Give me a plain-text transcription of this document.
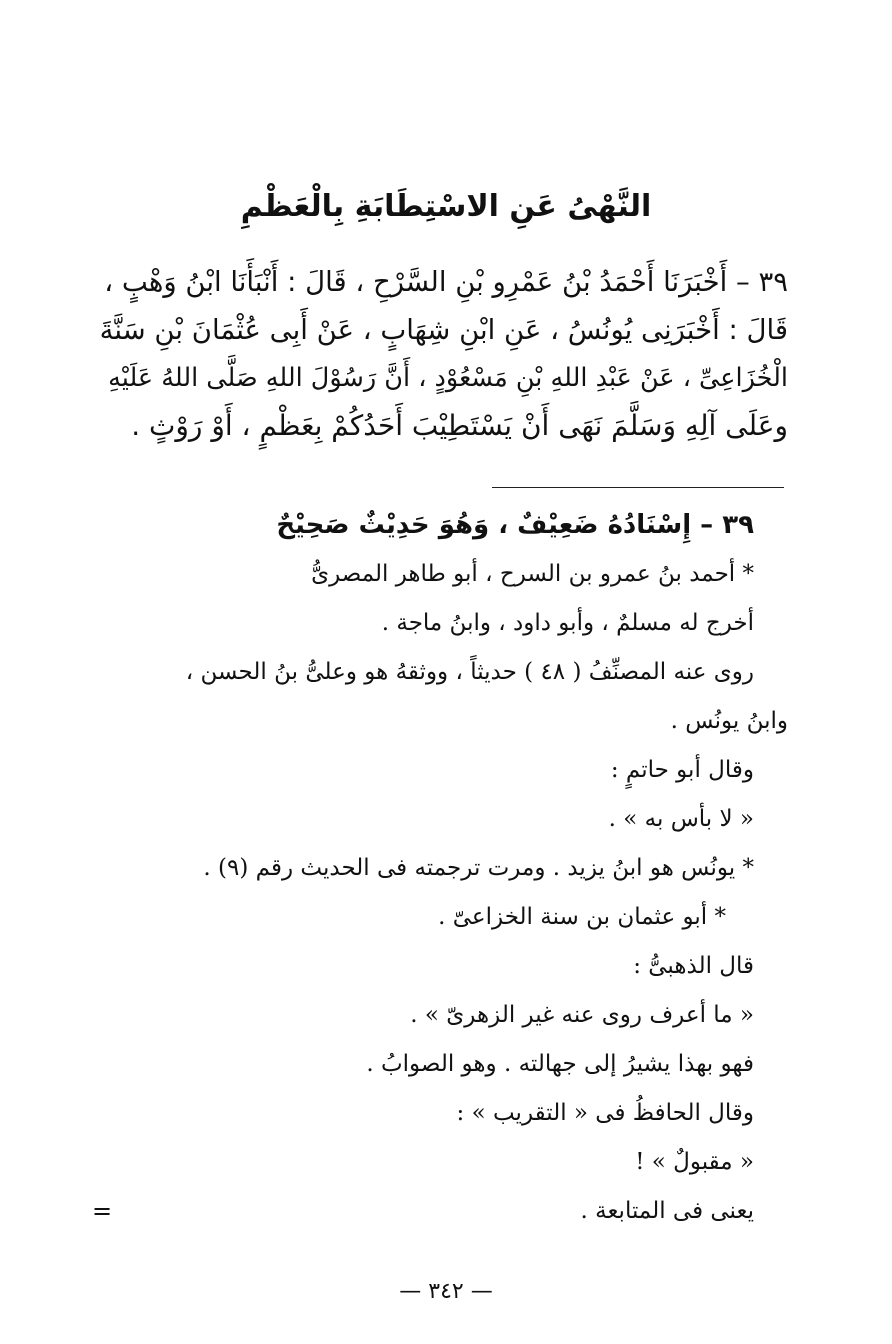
النَّهْىُ عَنِ الاسْتِطَابَةِ بِالْعَظْمِ
٣٩ – أَخْبَرَنَا أَحْمَدُ بْنُ عَمْرِو بْنِ السَّرْحِ ، قَالَ : أَنْبَأَنَا ابْنُ وَهْبٍ ،
قَالَ : أَخْبَرَنِى يُونُسُ ، عَنِ ابْنِ شِهَابٍ ، عَنْ أَبِى عُثْمَانَ بْنِ سَنَّةَ
الْخُزَاعِىِّ ، عَنْ عَبْدِ اللهِ بْنِ مَسْعُوْدٍ ، أَنَّ رَسُوْلَ اللهِ صَلَّى اللهُ عَلَيْهِ
وعَلَى آلِهِ وَسَلَّمَ نَهَى أَنْ يَسْتَطِيْبَ أَحَدُكُمْ بِعَظْمٍ ، أَوْ رَوْثٍ .
٣٩ – إِسْنَادُهُ ضَعِيْفٌ ، وَهُوَ حَدِيْثٌ صَحِيْحٌ
* أحمد بنُ عمرو بن السرح ، أبو طاهر المصرىُّ
أخرج له مسلمٌ ، وأبو داود ، وابنُ ماجة .
روى عنه المصنِّفُ ( ٤٨ ) حديثاً ، ووثقهُ هو وعلىُّ بنُ الحسن ،
وابنُ يونُس .
وقال أبو حاتمٍ :
« لا بأس به » .
* يونُس هو ابنُ يزيد . ومرت ترجمته فى الحديث رقم (٩) .
* أبو عثمان بن سنة الخزاعىّ .
قال الذهبىُّ :
« ما أعرف روى عنه غير الزهرىّ » .
فهو بهذا يشيرُ إلى جهالته . وهو الصوابُ .
وقال الحافظُ فى « التقريب » :
« مقبولٌ » !
يعنى فى المتابعة .
=
— ٣٤٢ —
